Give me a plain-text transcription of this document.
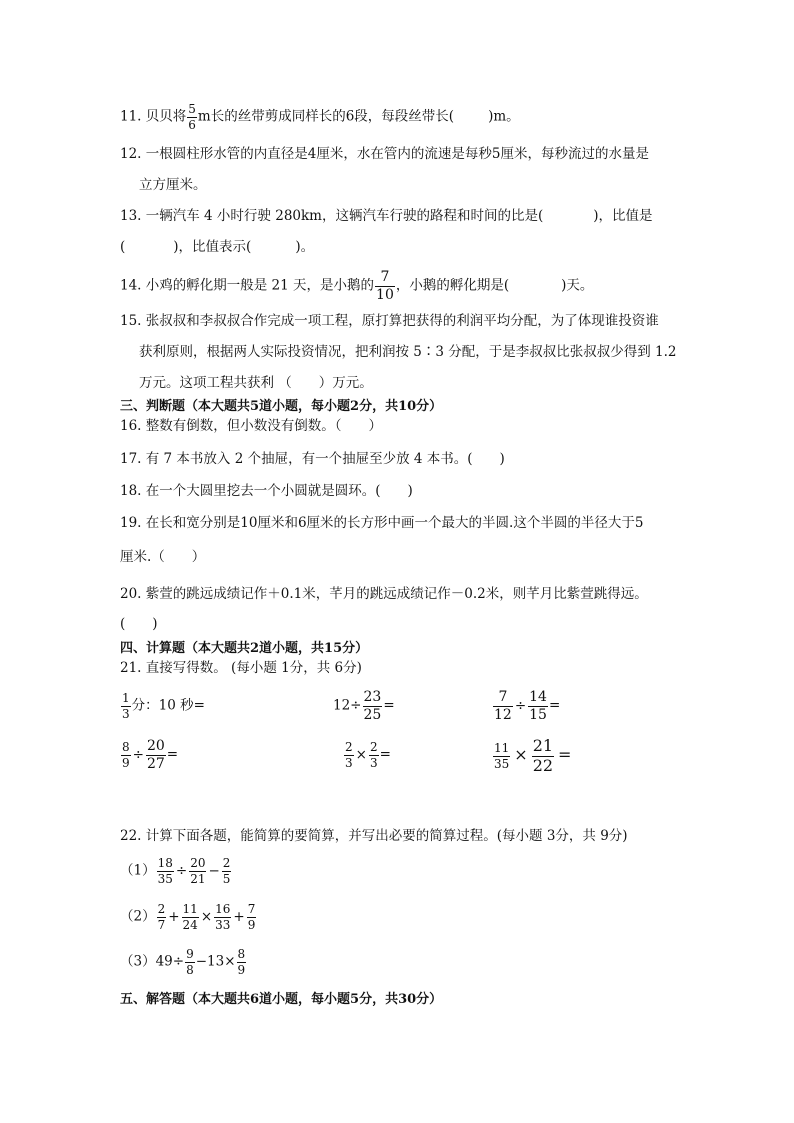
11. 贝贝将 $\frac{5}{6}$ m长的丝带剪成同样长的6段，每段丝带长(	)m。
12. 一根圆柱形水管的内直径是4厘米，水在管内的流速是每秒5厘米，每秒流过的水量是
立方厘米。
13. 一辆汽车 4 小时行驶 280km，这辆汽车行驶的路程和时间的比是(	)，比值是
(	)，比值表示(	)。
14. 小鸡的孵化期一般是 21 天，是小鹅的 $\frac{7}{10}$ ，小鹅的孵化期是(	)天。
15. 张叔叔和李叔叔合作完成一项工程，原打算把获得的利润平均分配，为了体现谁投资谁
获利原则，根据两人实际投资情况，把利润按 5∶3 分配，于是李叔叔比张叔叔少得到 1.2
万元。这项工程共获利 （　　）万元。
三、判断题（本大题共5道小题，每小题2分，共10分）
16. 整数有倒数，但小数没有倒数。（　　）
17. 有 7 本书放入 2 个抽屉，有一个抽屉至少放 4 本书。(　　)
18. 在一个大圆里挖去一个小圆就是圆环。(　　)
19. 在长和宽分别是10厘米和6厘米的长方形中画一个最大的半圆.这个半圆的半径大于5
厘米.（　　）
20. 紫萱的跳远成绩记作＋0.1米，芊月的跳远成绩记作－0.2米，则芊月比紫萱跳得远。
(　　)
四、计算题（本大题共2道小题，共15分）
21. 直接写得数。 (每小题 1分，共 6分)
$\frac{1}{3}$ 分：10 秒=	$12\div \frac{23}{25}$ =	$\frac{7}{12} \div \frac{14}{15}$ =
$\frac{8}{9} \div \frac{20}{27}$ =	$\frac{2}{3} \times \frac{2}{3}$ =	$\frac{11}{35} \times \frac{21}{22}$ =
22. 计算下面各题，能简算的要简算，并写出必要的简算过程。(每小题 3分，共 9分)
$(1) \frac{18}{35} \div \frac{20}{21} - \frac{2}{5}$
$(2) \frac{2}{7} + \frac{11}{24} \times \frac{16}{33} + \frac{7}{9}$
$(3)49\div \frac{9}{8} -13\times \frac{8}{9}$
五、解答题（本大题共6道小题，每小题5分，共30分）
